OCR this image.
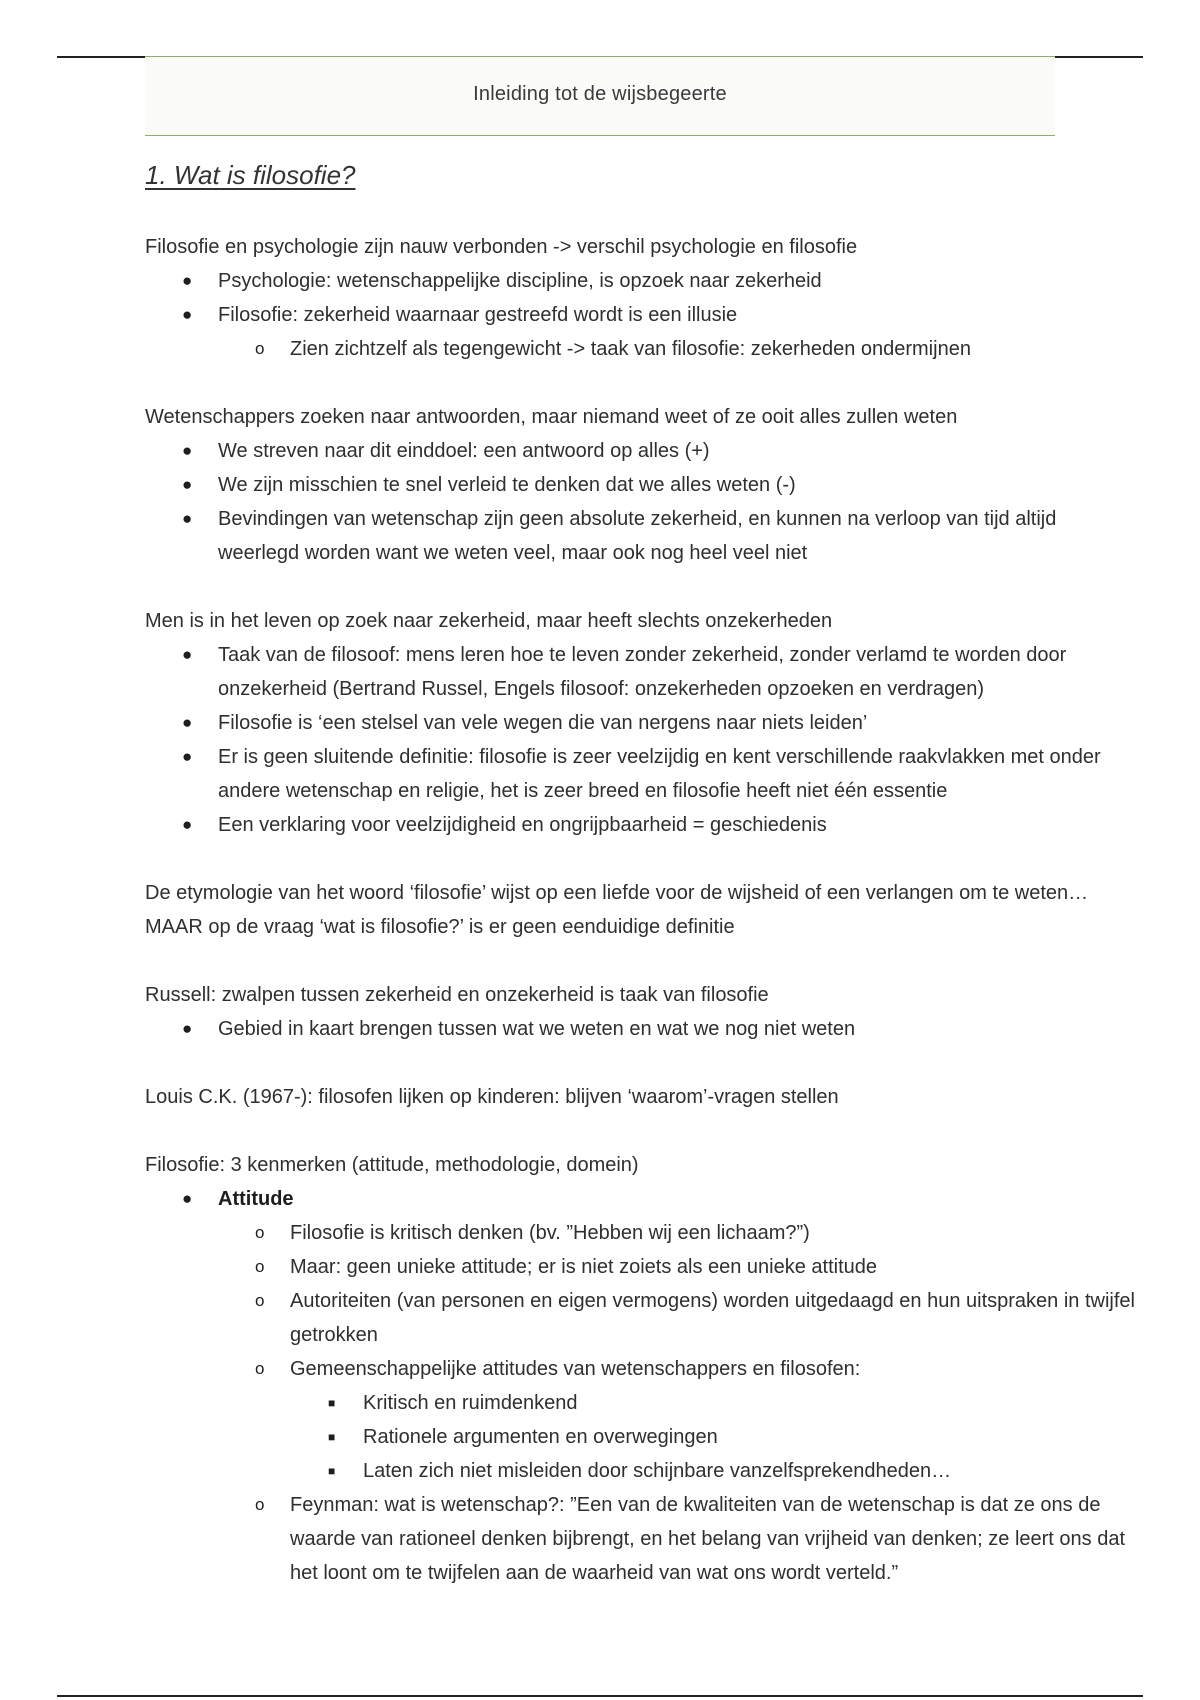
Inleiding tot de wijsbegeerte
1. Wat is filosofie?

Filosofie en psychologie zijn nauw verbonden -> verschil psychologie en filosofie

● Psychologie: wetenschappelijke discipline, is opzoek naar zekerheid
● Filosofie: zekerheid waarnaar gestreefd wordt is een illusie
o Zien zichtzelf als tegengewicht -> taak van filosofie: zekerheden ondermijnen

Wetenschappers zoeken naar antwoorden, maar niemand weet of ze ooit alles zullen weten

● We streven naar dit einddoel: een antwoord op alles (+)
● We zijn misschien te snel verleid te denken dat we alles weten (-)
● Bevindingen van wetenschap zijn geen absolute zekerheid, en kunnen na verloop van tijd altijd weerlegd worden want we weten veel, maar ook nog heel veel niet

Men is in het leven op zoek naar zekerheid, maar heeft slechts onzekerheden

● Taak van de filosoof: mens leren hoe te leven zonder zekerheid, zonder verlamd te worden door onzekerheid (Bertrand Russel, Engels filosoof: onzekerheden opzoeken en verdragen)
● Filosofie is ‘een stelsel van vele wegen die van nergens naar niets leiden’
● Er is geen sluitende definitie: filosofie is zeer veelzijdig en kent verschillende raakvlakken met onder andere wetenschap en religie, het is zeer breed en filosofie heeft niet één essentie
● Een verklaring voor veelzijdigheid en ongrijpbaarheid = geschiedenis

De etymologie van het woord ‘filosofie’ wijst op een liefde voor de wijsheid of een verlangen om te weten… MAAR op de vraag ‘wat is filosofie?’ is er geen eenduidige definitie

Russell: zwalpen tussen zekerheid en onzekerheid is taak van filosofie

● Gebied in kaart brengen tussen wat we weten en wat we nog niet weten

Louis C.K. (1967-): filosofen lijken op kinderen: blijven ‘waarom’-vragen stellen

Filosofie: 3 kenmerken (attitude, methodologie, domein)

● Attitude
o Filosofie is kritisch denken (bv. ”Hebben wij een lichaam?”)
o Maar: geen unieke attitude; er is niet zoiets als een unieke attitude
o Autoriteiten (van personen en eigen vermogens) worden uitgedaagd en hun uitspraken in twijfel getrokken
o Gemeenschappelijke attitudes van wetenschappers en filosofen:
■ Kritisch en ruimdenkend
■ Rationele argumenten en overwegingen
■ Laten zich niet misleiden door schijnbare vanzelfsprekendheden…
o Feynman: wat is wetenschap?: ”Een van de kwaliteiten van de wetenschap is dat ze ons de waarde van rationeel denken bijbrengt, en het belang van vrijheid van denken; ze leert ons dat het loont om te twijfelen aan de waarheid van wat ons wordt verteld.”
